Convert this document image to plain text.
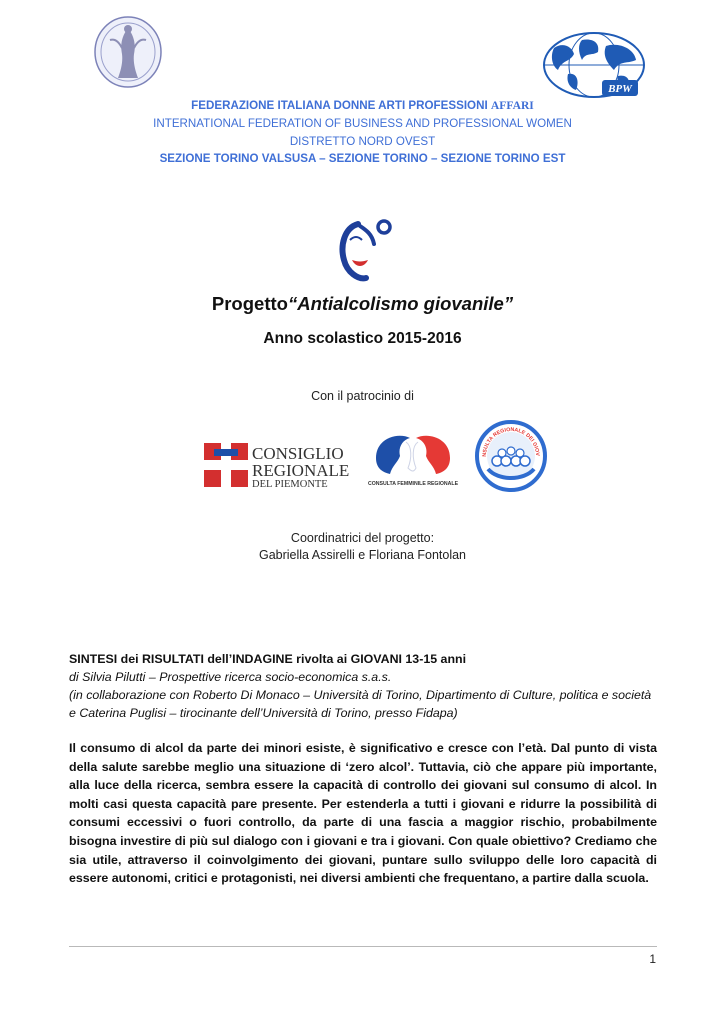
BPW
FEDERAZIONE ITALIANA DONNE ARTI PROFESSIONI AFFARI
INTERNATIONAL FEDERATION OF BUSINESS AND PROFESSIONAL WOMEN
DISTRETTO NORD OVEST
SEZIONE TORINO VALSUSA – SEZIONE TORINO – SEZIONE TORINO EST
Progetto“Antialcolismo giovanile”
Anno scolastico 2015-2016
Con il patrocinio di
CONSIGLIO
REGIONALE
DEL PIEMONTE	CONSULTA FEMMINILE REGIONALE
NSULTA REGIONALE DEI GIOV
Coordinatrici del progetto:
Gabriella Assirelli e Floriana Fontolan
SINTESI dei RISULTATI dell’INDAGINE rivolta ai GIOVANI 13-15 anni
di Silvia Pilutti – Prospettive ricerca socio-economica s.a.s.
(in collaborazione con Roberto Di Monaco – Università di Torino, Dipartimento di Culture, politica e società e Caterina Puglisi – tirocinante dell’Università di Torino, presso Fidapa)
Il consumo di alcol da parte dei minori esiste, è significativo e cresce con l’età. Dal punto di vista della salute sarebbe meglio una situazione di ‘zero alcol’. Tuttavia, ciò che appare più importante, alla luce della ricerca, sembra essere la capacità di controllo dei giovani sul consumo di alcol. In molti casi questa capacità pare presente. Per estenderla a tutti i giovani e ridurre la possibilità di consumi eccessivi o fuori controllo, da parte di una fascia a maggior rischio, probabilmente bisogna investire di più sul dialogo con i giovani e tra i giovani. Con quale obiettivo? Crediamo che sia utile, attraverso il coinvolgimento dei giovani, puntare sullo sviluppo delle loro capacità di essere autonomi, critici e protagonisti, nei diversi ambienti che frequentano, a partire dalla scuola.
1
